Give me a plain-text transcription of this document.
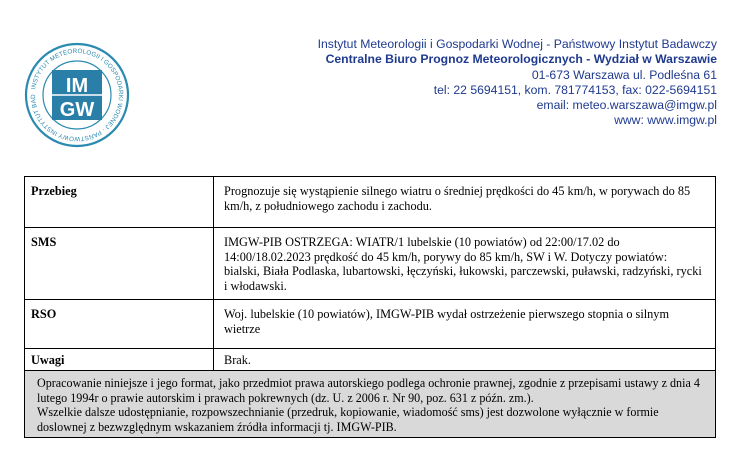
INSTYTUT METEOROLOGII I GOSPODARKI WODNEJ · PAŃSTWOWY INSTYTUT BAD	IM
GW
Instytut Meteorologii i Gospodarki Wodnej - Państwowy Instytut Badawczy
Centralne Biuro Prognoz Meteorologicznych - Wydział w Warszawie
01-673 Warszawa ul. Podleśna 61
tel: 22 5694151, kom. 781774153, fax: 022-5694151
email: meteo.warszawa@imgw.pl
www: www.imgw.pl
Przebieg	Prognozuje się wystąpienie silnego wiatru o średniej prędkości do 45 km/h, w porywach do 85 km/h, z południowego zachodu i zachodu.
SMS	IMGW-PIB OSTRZEGA: WIATR/1 lubelskie (10 powiatów) od 22:00/17.02 do 14:00/18.02.2023 prędkość do 45 km/h, porywy do 85 km/h, SW i W. Dotyczy powiatów: bialski, Biała Podlaska, lubartowski, łęczyński, łukowski, parczewski, puławski, radzyński, rycki i włodawski.
RSO	Woj. lubelskie (10 powiatów), IMGW-PIB wydał ostrzeżenie pierwszego stopnia o silnym wietrze
Uwagi	Brak.

Opracowanie niniejsze i jego format, jako przedmiot prawa autorskiego podlega ochronie prawnej, zgodnie z przepisami ustawy z dnia 4 lutego 1994r o prawie autorskim i prawach pokrewnych (dz. U. z 2006 r. Nr 90, poz. 631 z późn. zm.).
Wszelkie dalsze udostępnianie, rozpowszechnianie (przedruk, kopiowanie, wiadomość sms) jest dozwolone wyłącznie w formie doslownej z bezwzględnym wskazaniem źródła informacji tj. IMGW-PIB.	
